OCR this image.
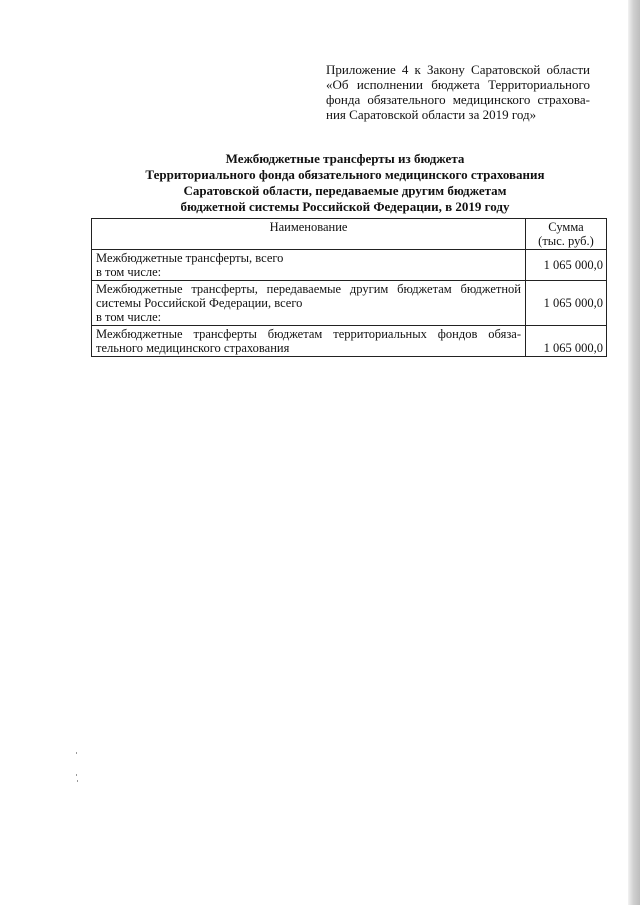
Приложение 4 к Закону Саратовской области
«Об исполнении бюджета Территориального
фонда обязательного медицинского страхова-
ния Саратовской области за 2019 год»
Межбюджетные трансферты из бюджета
Территориального фонда обязательного медицинского страхования
Саратовской области, передаваемые другим бюджетам
бюджетной системы Российской Федерации, в 2019 году
Наименование	Сумма
(тыс. руб.)

Межбюджетные трансферты, всего
в том числе:	1 065 000,0

Межбюджетные трансферты, передаваемые другим бюджетам бюджетной
системы Российской Федерации, всего
в том числе:	1 065 000,0

Межбюджетные трансферты бюджетам территориальных фондов обяза-
тельного медицинского страхования	1 065 000,0
